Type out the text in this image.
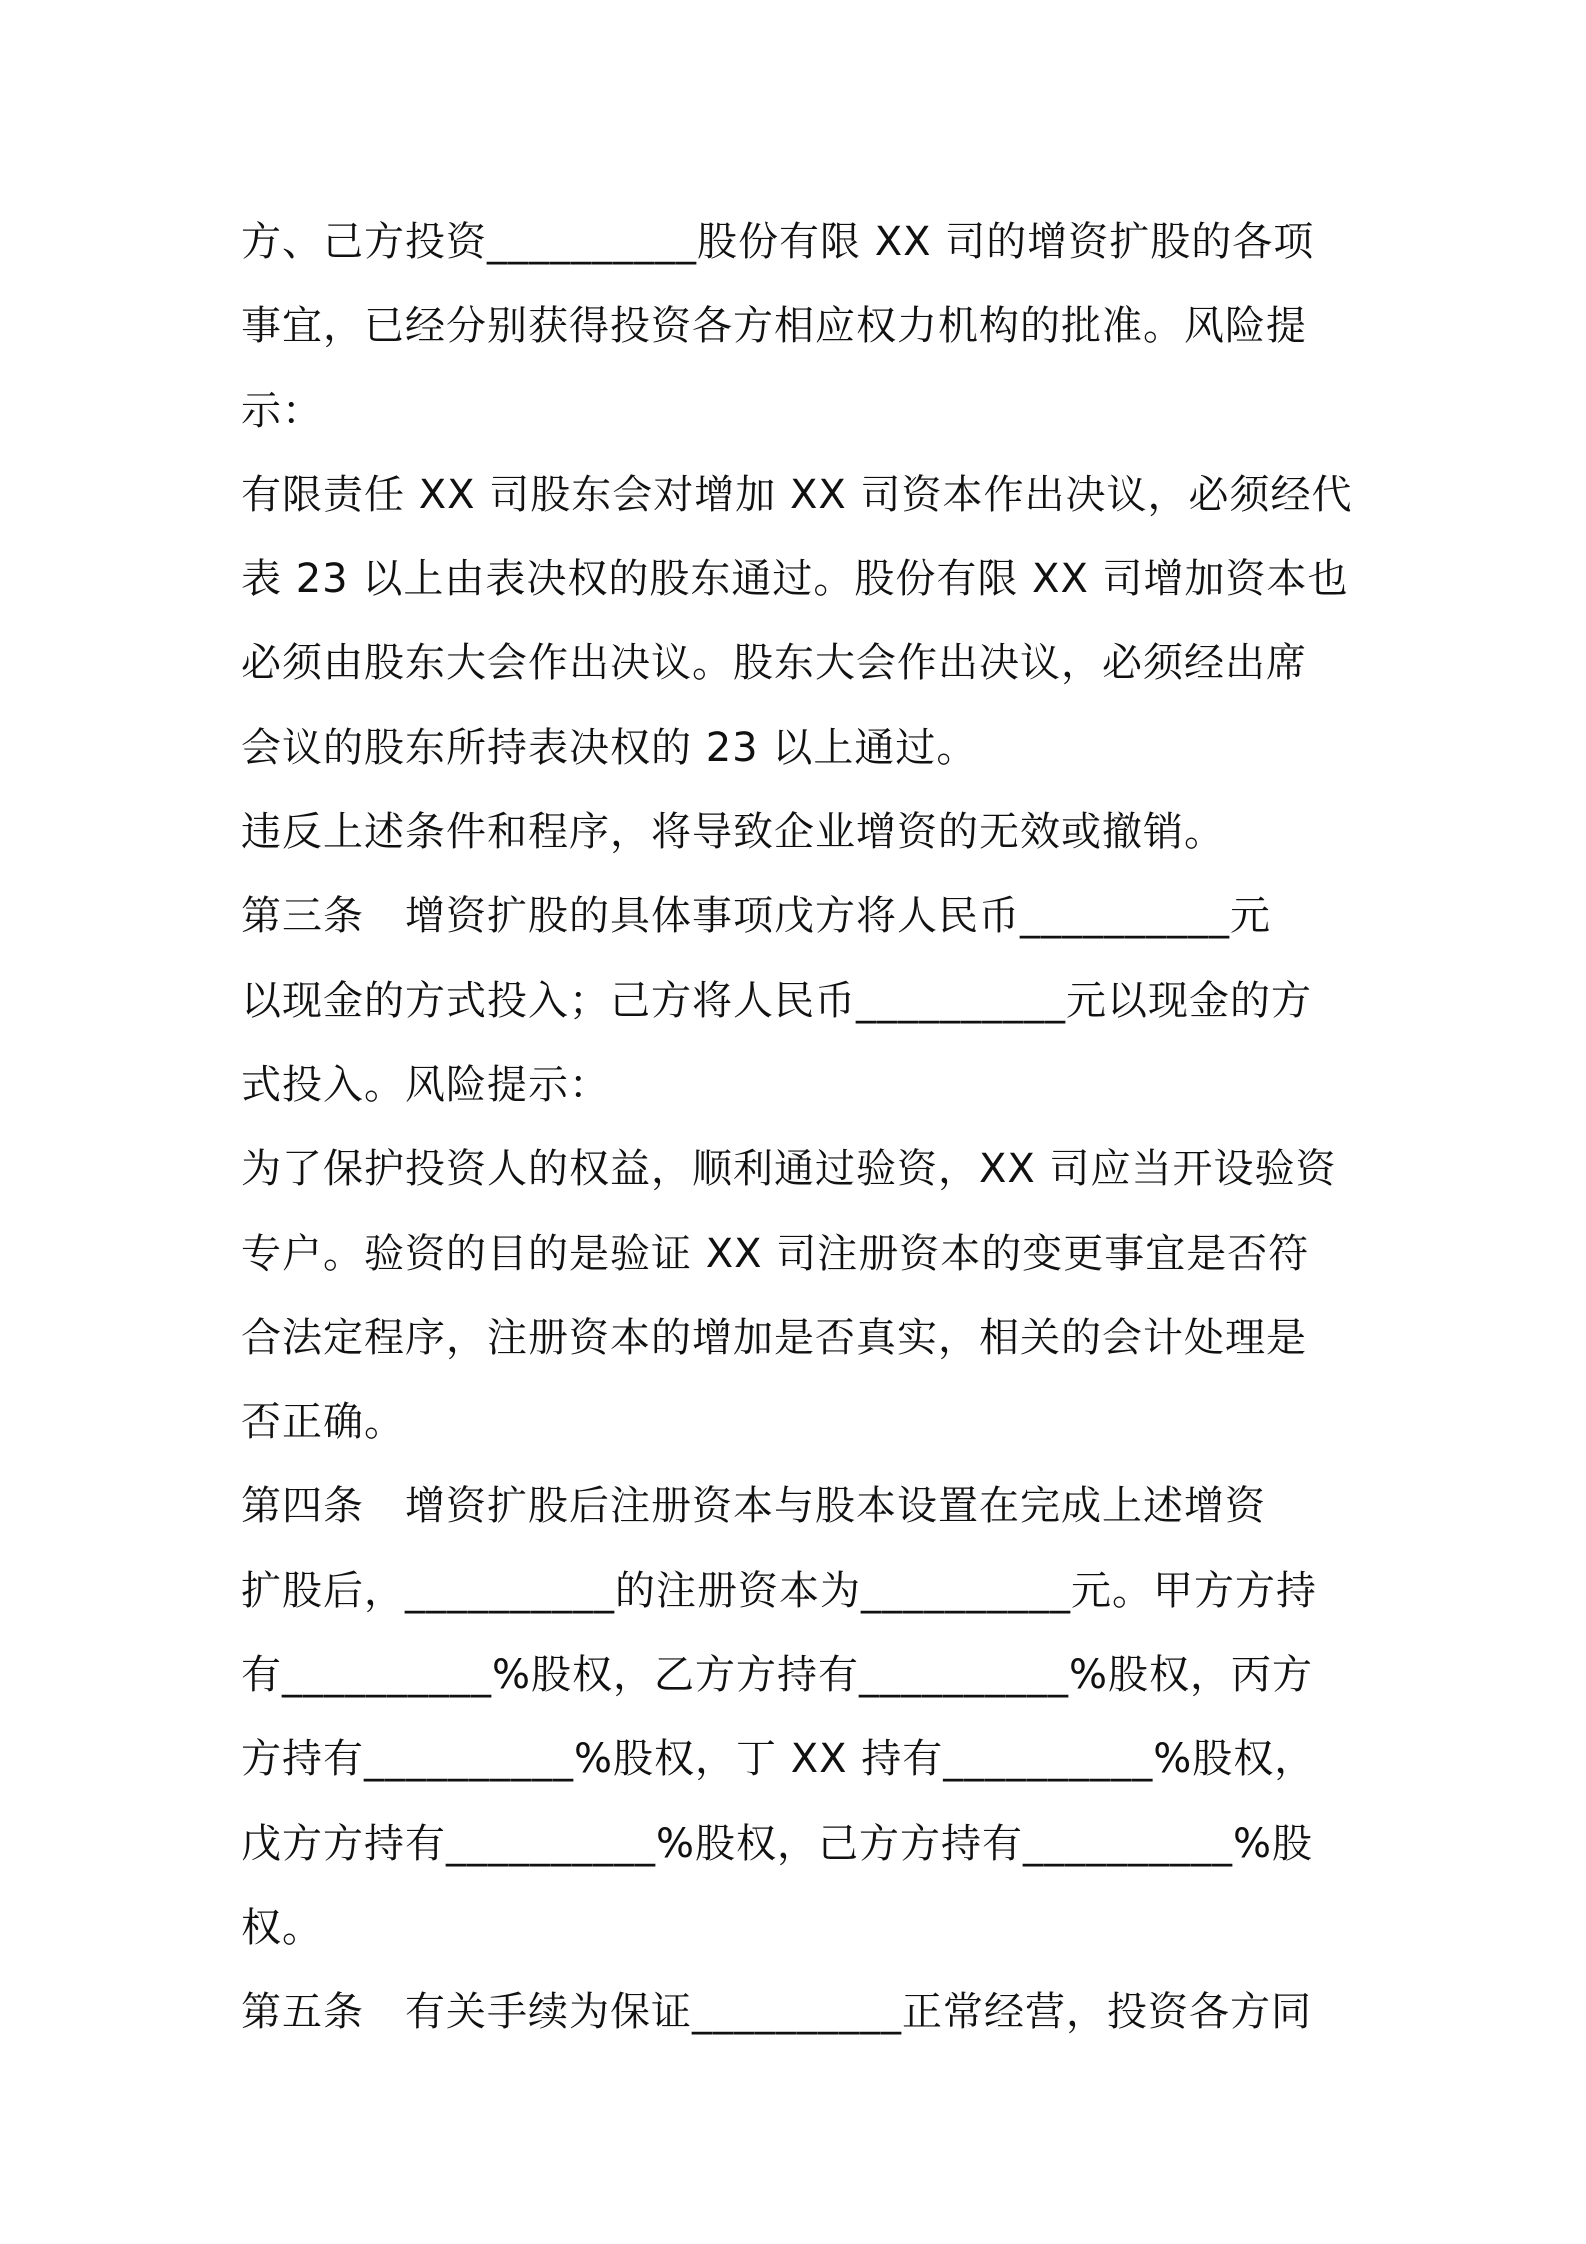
方、己方投资__________股份有限 XX 司的增资扩股的各项
事宜，已经分别获得投资各方相应权力机构的批准。风险提
示：
有限责任 XX 司股东会对增加 XX 司资本作出决议，必须经代
表 23 以上由表决权的股东通过。股份有限 XX 司增加资本也
必须由股东大会作出决议。股东大会作出决议，必须经出席
会议的股东所持表决权的 23 以上通过。
违反上述条件和程序，将导致企业增资的无效或撤销。
第三条　增资扩股的具体事项戊方将人民币__________元
以现金的方式投入；己方将人民币__________元以现金的方
式投入。风险提示：
为了保护投资人的权益，顺利通过验资，XX 司应当开设验资
专户。验资的目的是验证 XX 司注册资本的变更事宜是否符
合法定程序，注册资本的增加是否真实，相关的会计处理是
否正确。
第四条　增资扩股后注册资本与股本设置在完成上述增资
扩股后，__________的注册资本为__________元。甲方方持
有__________%股权，乙方方持有__________%股权，丙方
方持有__________%股权，丁 XX 持有__________%股权，
戊方方持有__________%股权，己方方持有__________%股
权。
第五条　有关手续为保证__________正常经营，投资各方同
